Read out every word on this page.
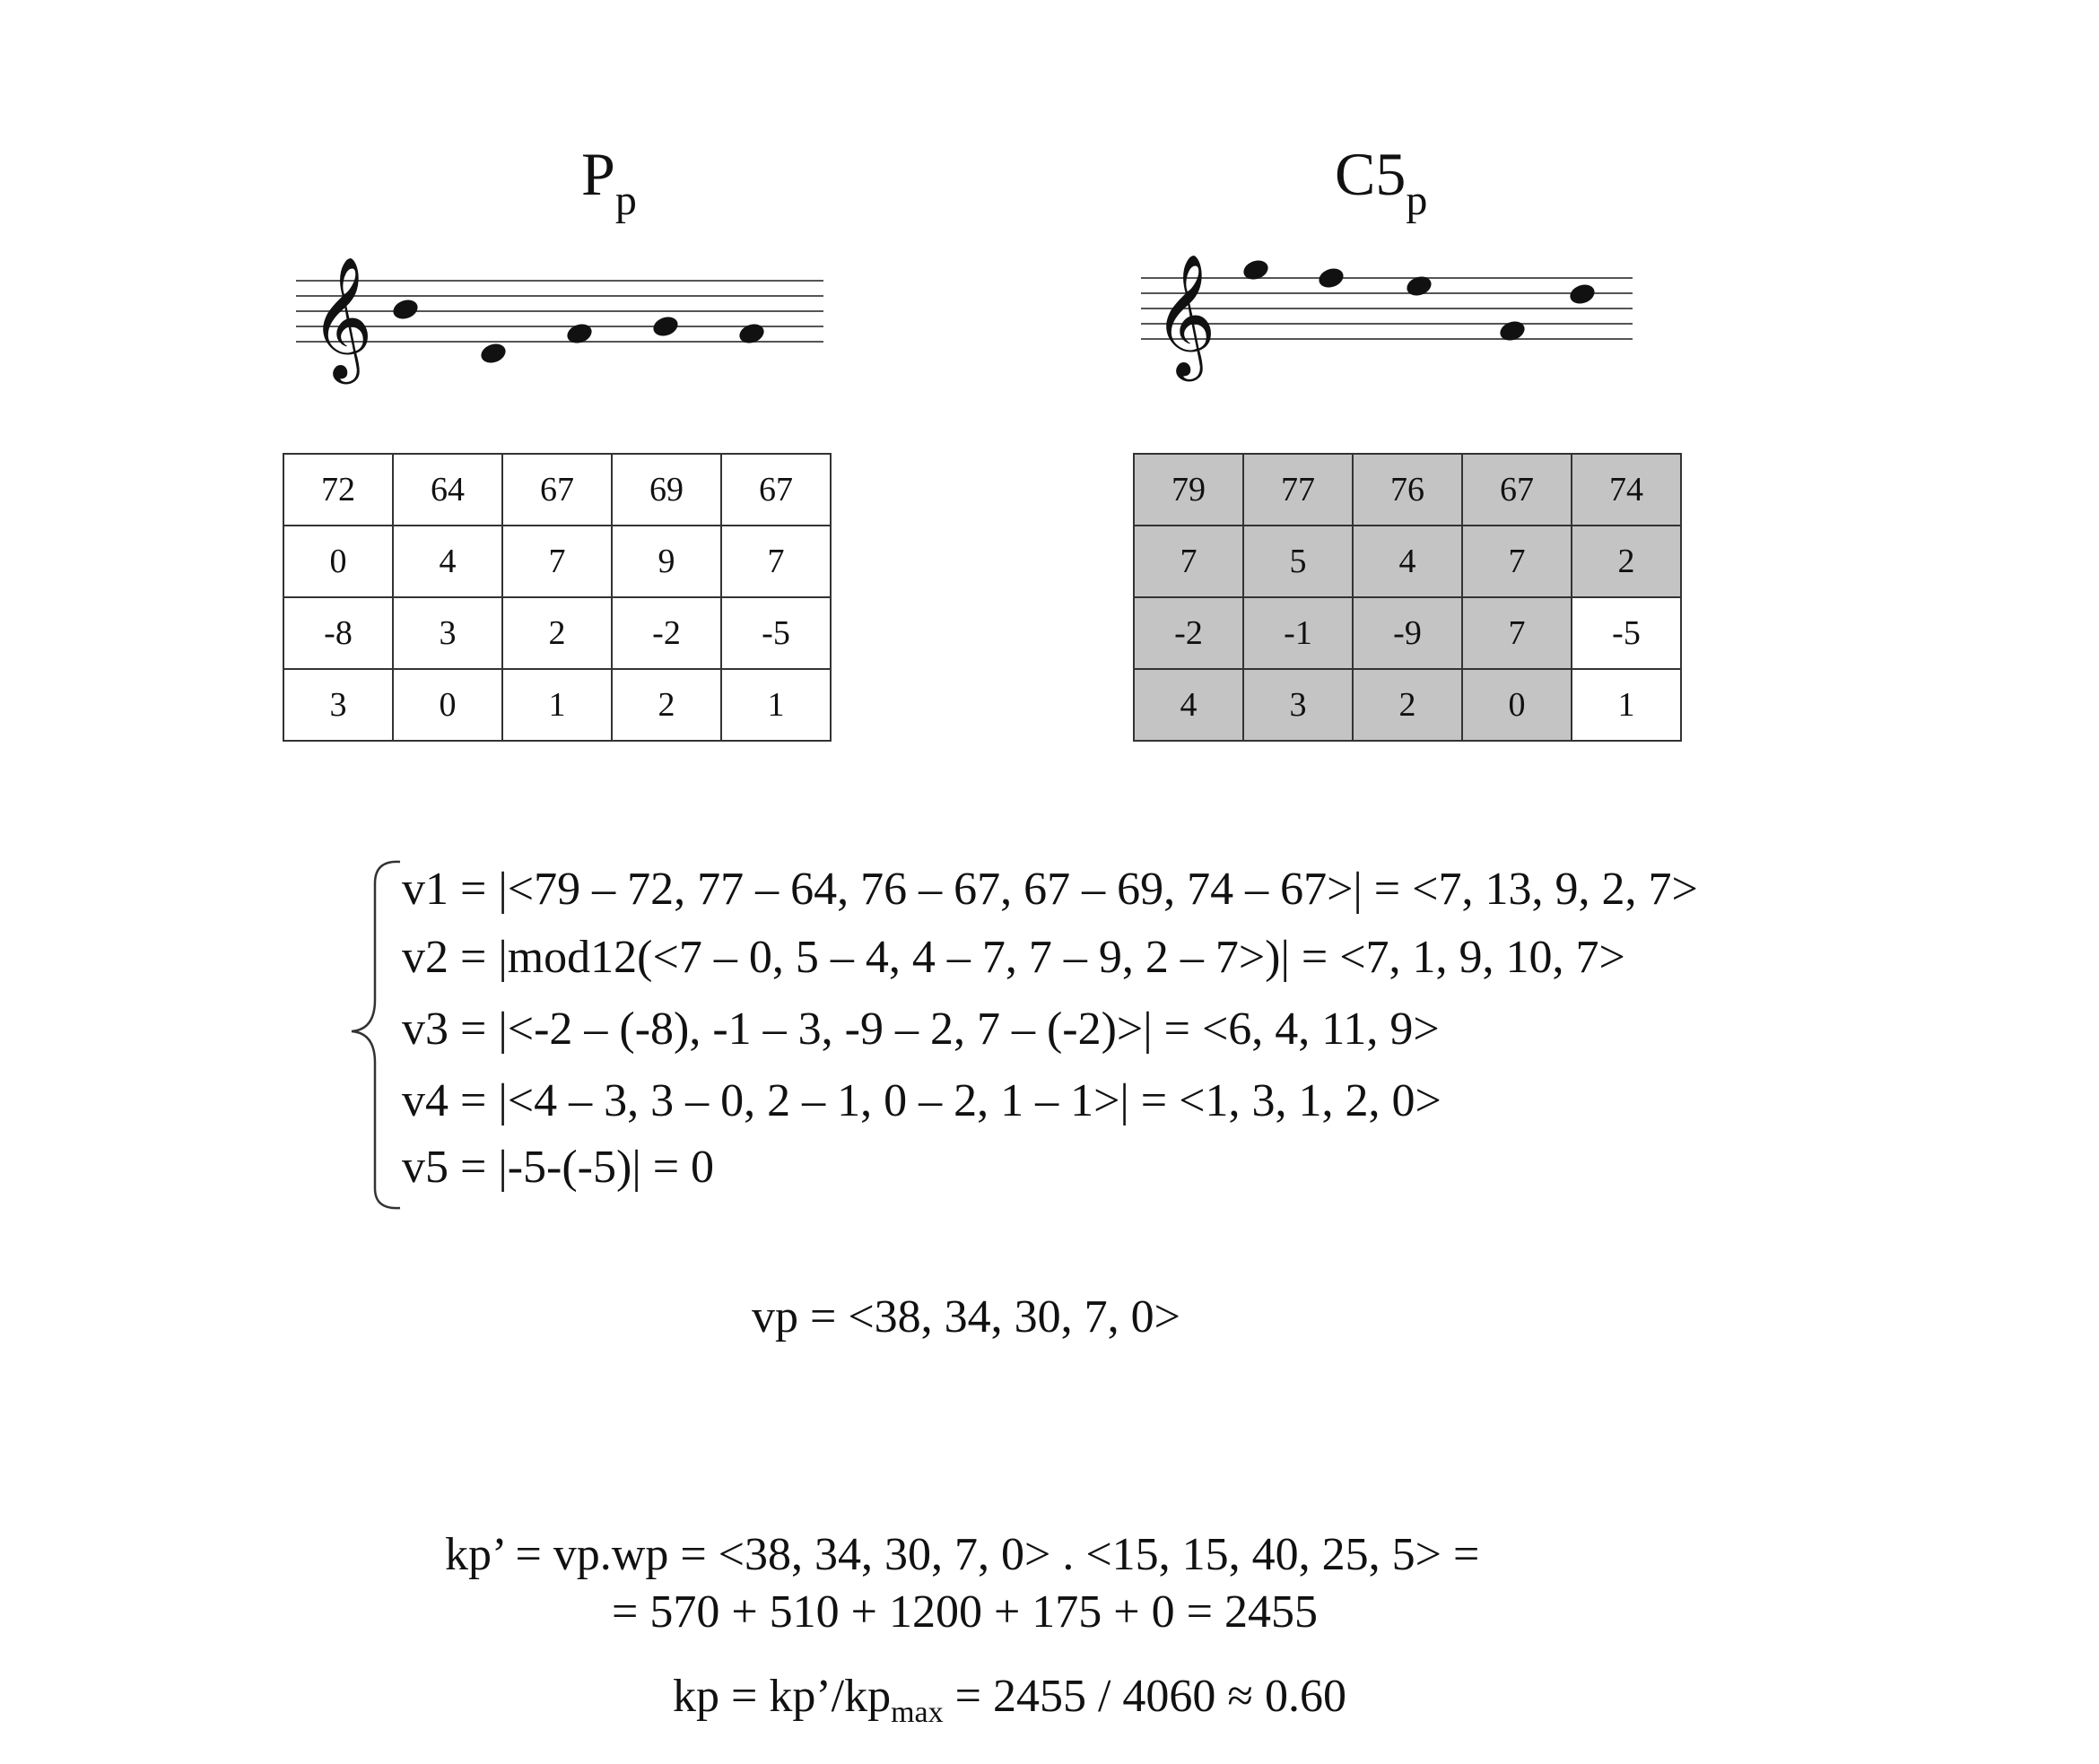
$P_p$	$C5_p$
𝄞	𝄞
72	64	67	69	67
0	4	7	9	7
-8	3	2	-2	-5
3	0	1	2	1
79	77	76	67	74
7	5	4	7	2
-2	-1	-9	7	-5
4	3	2	0	1
v1 = |<79 – 72, 77 – 64, 76 – 67, 67 – 69, 74 – 67>| = <7, 13, 9, 2, 7>
v2 = |mod12(<7 – 0, 5 – 4, 4 – 7, 7 – 9, 2 – 7>)| = <7, 1, 9, 10, 7>
v3 = |<-2 – (-8), -1 – 3, -9 – 2, 7 – (-2)>| = <6, 4, 11, 9>
v4 = |<4 – 3, 3 – 0, 2 – 1, 0 – 2, 1 – 1>| = <1, 3, 1, 2, 0>
v5 = |-5-(-5)| = 0
vp = <38, 34, 30, 7, 0>
kp’ = vp.wp = <38, 34, 30, 7, 0> . <15, 15, 40, 25, 5> =
= 570 + 510 + 1200 + 175 + 0 = 2455
kp = $kp’/kp_{max} = 2455 / 4060 \approx 0.60$
